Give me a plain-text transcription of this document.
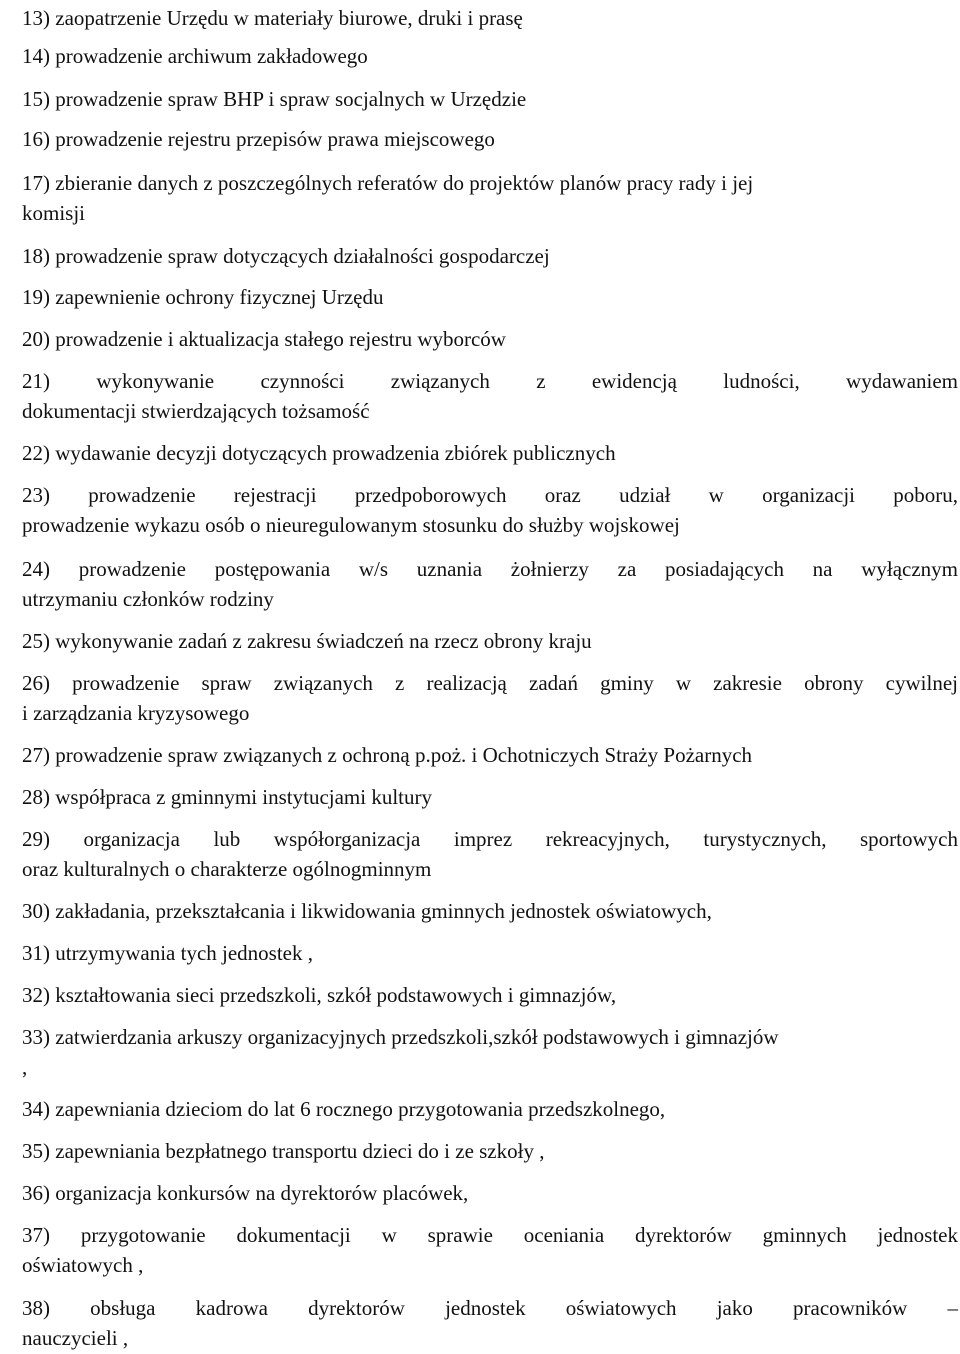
13) zaopatrzenie Urzędu w materiały biurowe, druki i prasę
14) prowadzenie archiwum zakładowego
15) prowadzenie spraw BHP i spraw socjalnych w Urzędzie
16) prowadzenie rejestru przepisów prawa miejscowego
17) zbieranie danych z poszczególnych referatów do projektów planów pracy rady i jej
komisji
18) prowadzenie spraw dotyczących działalności gospodarczej
19) zapewnienie ochrony fizycznej Urzędu
20) prowadzenie i aktualizacja stałego rejestru wyborców
21) wykonywanie czynności związanych z ewidencją ludności, wydawaniem
dokumentacji stwierdzających tożsamość
22) wydawanie decyzji dotyczących prowadzenia zbiórek publicznych
23) prowadzenie rejestracji przedpoborowych oraz udział w organizacji poboru,
prowadzenie wykazu osób o nieuregulowanym stosunku do służby wojskowej
24) prowadzenie postępowania w/s uznania żołnierzy za posiadających na wyłącznym
utrzymaniu członków rodziny
25) wykonywanie zadań z zakresu świadczeń na rzecz obrony kraju
26) prowadzenie spraw związanych z realizacją zadań gminy w zakresie obrony cywilnej
i zarządzania kryzysowego
27) prowadzenie spraw związanych z ochroną p.poż. i Ochotniczych Straży Pożarnych
28) współpraca z gminnymi instytucjami kultury
29) organizacja lub współorganizacja imprez rekreacyjnych, turystycznych, sportowych
oraz kulturalnych o charakterze ogólnogminnym
30) zakładania, przekształcania i likwidowania gminnych jednostek oświatowych,
31) utrzymywania tych jednostek ,
32) kształtowania sieci przedszkoli, szkół podstawowych i gimnazjów,
33) zatwierdzania arkuszy organizacyjnych przedszkoli,szkół podstawowych i gimnazjów
,
34) zapewniania dzieciom do lat 6 rocznego przygotowania przedszkolnego,
35) zapewniania bezpłatnego transportu dzieci do i ze szkoły ,
36) organizacja konkursów na dyrektorów placówek,
37) przygotowanie dokumentacji w sprawie oceniania dyrektorów gminnych jednostek
oświatowych ,
38) obsługa kadrowa dyrektorów jednostek oświatowych jako pracowników –
nauczycieli ,
